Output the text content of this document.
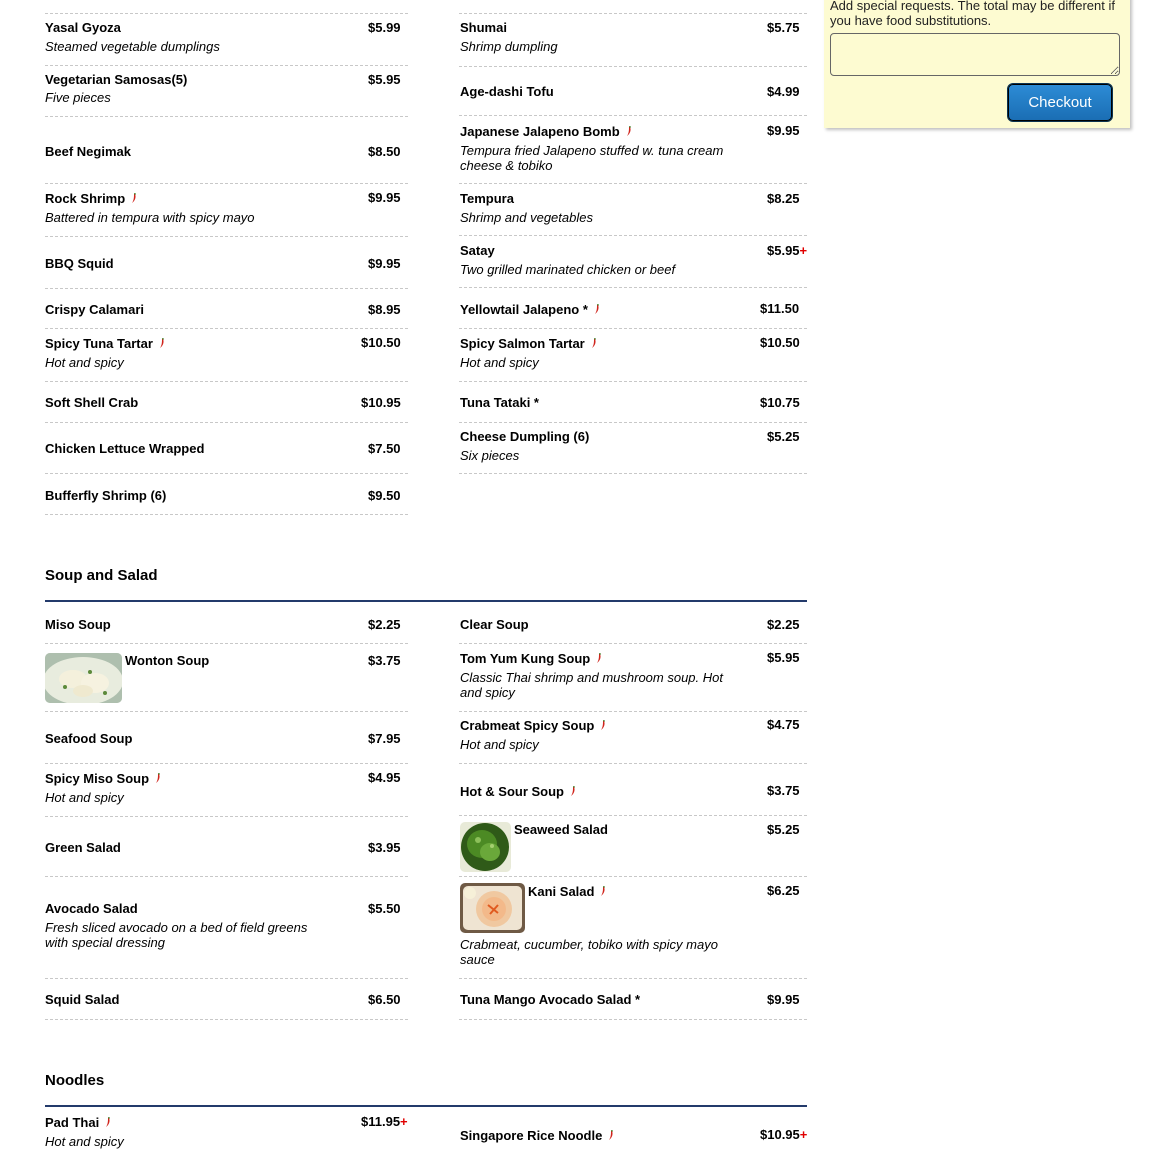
Yasal Gyoza	$5.99
Steamed vegetable dumplings
Vegetarian Samosas(5)	$5.95
Five pieces
Beef Negimak	$8.50
Rock Shrimp	$9.95
Battered in tempura with spicy mayo
BBQ Squid	$9.95
Crispy Calamari	$8.95
Spicy Tuna Tartar	$10.50
Hot and spicy
Soft Shell Crab	$10.95
Chicken Lettuce Wrapped	$7.50
Bufferfly Shrimp (6)	$9.50
Shumai	$5.75
Shrimp dumpling
Age-dashi Tofu	$4.99
Japanese Jalapeno Bomb	$9.95
Tempura fried Jalapeno stuffed w. tuna cream cheese & tobiko
Tempura	$8.25
Shrimp and vegetables
Satay	$5.95+
Two grilled marinated chicken or beef
Yellowtail Jalapeno *	$11.50
Spicy Salmon Tartar	$10.50
Hot and spicy
Tuna Tataki *	$10.75
Cheese Dumpling (6)	$5.25
Six pieces
Soup and Salad
Miso Soup	$2.25
Wonton Soup	$3.75
Seafood Soup	$7.95
Spicy Miso Soup	$4.95
Hot and spicy
Green Salad	$3.95
Avocado Salad	$5.50
Fresh sliced avocado on a bed of field greens with special dressing
Squid Salad	$6.50
Clear Soup	$2.25
Tom Yum Kung Soup	$5.95
Classic Thai shrimp and mushroom soup. Hot and spicy
Crabmeat Spicy Soup	$4.75
Hot and spicy
Hot & Sour Soup	$3.75
Seaweed Salad	$5.25
Kani Salad	$6.25
Crabmeat, cucumber, tobiko with spicy mayo sauce
Tuna Mango Avocado Salad *	$9.95
Noodles
Pad Thai	$11.95+
Hot and spicy	Singapore Rice Noodle	$10.95+
Add special requests. The total may be different if you have food substitutions.
Checkout
